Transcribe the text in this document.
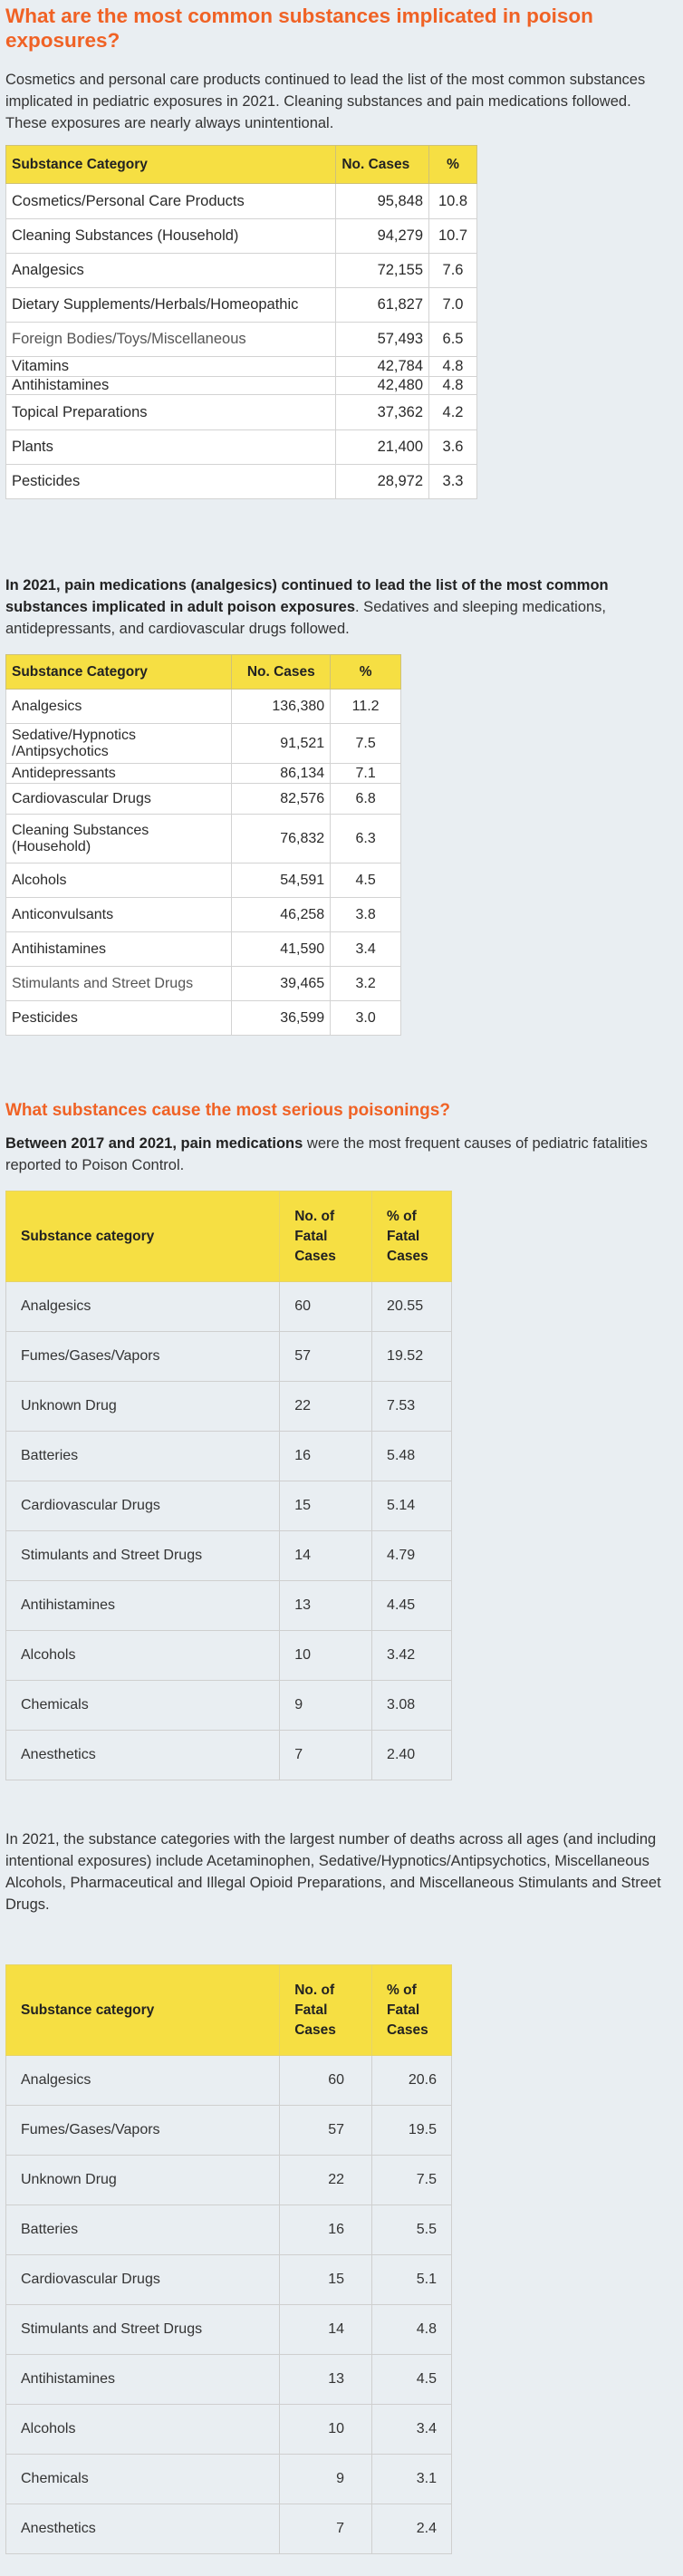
What are the most common substances implicated in poison exposures?

Cosmetics and personal care products continued to lead the list of the most common substances implicated in pediatric exposures in 2021. Cleaning substances and pain medications followed. These exposures are nearly always unintentional.

Substance Category	No. Cases	%
Cosmetics/Personal Care Products	95,848	10.8
Cleaning Substances (Household)	94,279	10.7
Analgesics	72,155	7.6
Dietary Supplements/Herbals/Homeopathic	61,827	7.0
Foreign Bodies/Toys/Miscellaneous	57,493	6.5
Vitamins	42,784	4.8
Antihistamines	42,480	4.8
Topical Preparations	37,362	4.2
Plants	21,400	3.6
Pesticides	28,972	3.3

In 2021, pain medications (analgesics) continued to lead the list of the most common substances implicated in adult poison exposures. Sedatives and sleeping medications, antidepressants, and cardiovascular drugs followed.

Substance Category	No. Cases	%
Analgesics	136,380	11.2
Sedative/Hypnotics /Antipsychotics	91,521	7.5
Antidepressants	86,134	7.1
Cardiovascular Drugs	82,576	6.8
Cleaning Substances (Household)	76,832	6.3
Alcohols	54,591	4.5
Anticonvulsants	46,258	3.8
Antihistamines	41,590	3.4
Stimulants and Street Drugs	39,465	3.2
Pesticides	36,599	3.0
What substances cause the most serious poisonings?

Between 2017 and 2021, pain medications were the most frequent causes of pediatric fatalities reported to Poison Control.

Substance category	No. of Fatal Cases	% of Fatal Cases
Analgesics	60	20.55
Fumes/Gases/Vapors	57	19.52
Unknown Drug	22	7.53
Batteries	16	5.48
Cardiovascular Drugs	15	5.14
Stimulants and Street Drugs	14	4.79
Antihistamines	13	4.45
Alcohols	10	3.42
Chemicals	9	3.08
Anesthetics	7	2.40

In 2021, the substance categories with the largest number of deaths across all ages (and including intentional exposures) include Acetaminophen, Sedative/Hypnotics/Antipsychotics, Miscellaneous Alcohols, Pharmaceutical and Illegal Opioid Preparations, and Miscellaneous Stimulants and Street Drugs.

Substance category	No. of Fatal Cases	% of Fatal Cases
Analgesics	60	20.6
Fumes/Gases/Vapors	57	19.5
Unknown Drug	22	7.5
Batteries	16	5.5
Cardiovascular Drugs	15	5.1
Stimulants and Street Drugs	14	4.8
Antihistamines	13	4.5
Alcohols	10	3.4
Chemicals	9	3.1
Anesthetics	7	2.4
